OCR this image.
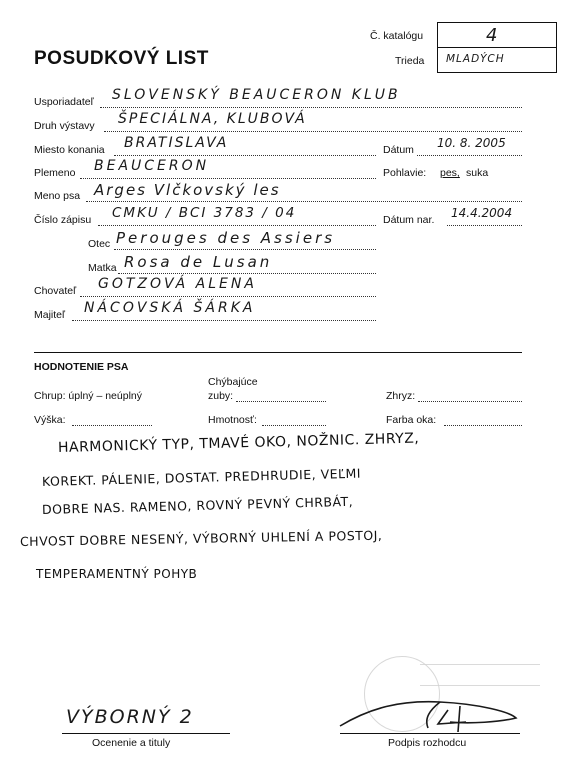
POSUDKOVÝ LIST
Č. katalógu	4
Trieda MLADÝCH
Usporiadateľ SLOVENSKÝ BEAUCERON KLUB
Druh výstavy ŠPECIÁLNA, KLUBOVÁ
Miesto konania BRATISLAVA	Dátum 10. 8. 2005
Plemeno BEAUCERON	Pohlavie: pes, suka
Meno psa Arges Vlčkovský les
Číslo zápisu CMKU / BCI 3783 / 04	Dátum nar. 14.4.2004
Otec Perouges des Assiers
Matka Rosa de Lusan
Chovateľ GOTZOVÁ ALENA
Majiteľ NÁCOVSKÁ ŠÁRKA
HODNOTENIE PSA
Chrup: úplný – neúplný
Chýbajúce
zuby:	Zhryz:
Výška:	Hmotnosť:	Farba oka:
HARMONICKÝ TYP, TMAVÉ OKO, NOŽNIC. ZHRYZ,
KOREKT. PÁLENIE, DOSTAT. PREDHRUDIE, VEĽMI
DOBRE NAS. RAMENO, ROVNÝ PEVNÝ CHRBÁT,
CHVOST DOBRE NESENÝ, VÝBORNÝ UHLENÍ A POSTOJ,
TEMPERAMENTNÝ POHYB
VÝBORNÝ 2
Ocenenie a tituly	Podpis rozhodcu
